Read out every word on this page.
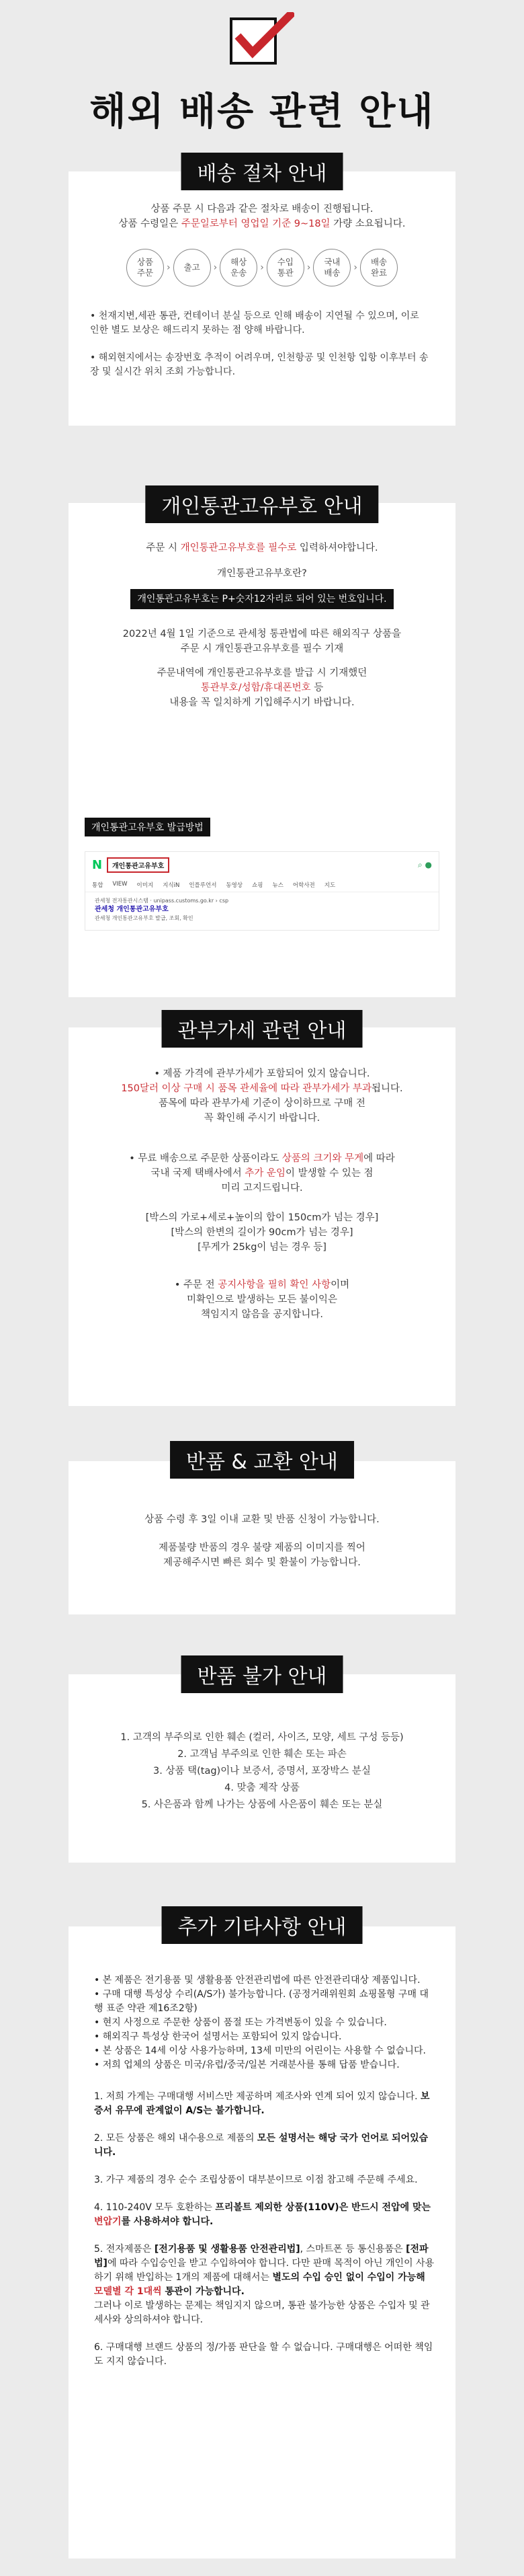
해외 배송 관련 안내
배송 절차 안내
상품 주문 시 다음과 같은 절차로 배송이 진행됩니다.
상품 수령일은 주문일로부터 영업일 기준 9~18일 가량 소요됩니다.
상품
주문	›	출고	›
해상
운송	›
수입
통관	›
국내
배송	›
배송
완료
• 천재지변,세관 통관, 컨테이너 분실 등으로 인해 배송이 지연될 수 있으며, 이로 인한 별도 보상은 해드리지 못하는 점 양해 바랍니다.
• 해외현지에서는 송장번호 추적이 어려우며, 인천항공 및 인천항 입항 이후부터 송장 및 실시간 위치 조회 가능합니다.
개인통관고유부호 안내
주문 시 개인통관고유부호를 필수로 입력하셔야합니다.
개인통관고유부호란?
개인통관고유부호는 P+숫자12자리로 되어 있는 번호입니다.
2022년 4월 1일 기준으로 관세청 통관법에 따른 해외직구 상품을
주문 시 개인통관고유부호를 필수 기재
주문내역에 개인통관고유부호를 발급 시 기재했던
통관부호/성함/휴대폰번호 등
내용을 꼭 일치하게 기입해주시기 바랍니다.
개인통관고유부호 발급방법
N	개인통관고유부호	⌕ ●
통합 VIEW 이미지 지식iN 인플루언서 동영상 쇼핑 뉴스 어학사전 지도
관세청 전자통관시스템 · unipass.customs.go.kr › csp
관세청 개인통관고유부호
관세청 개인통관고유부호 발급, 조회, 확인
관부가세 관련 안내
• 제품 가격에 관부가세가 포함되어 있지 않습니다.
150달러 이상 구매 시 품목 관세율에 따라 관부가세가 부과됩니다.
품목에 따라 관부가세 기준이 상이하므로 구매 전
꼭 확인해 주시기 바랍니다.
• 무료 배송으로 주문한 상품이라도 상품의 크기와 무게에 따라
국내 국제 택배사에서 추가 운임이 발생할 수 있는 점
미리 고지드립니다.
[박스의 가로+세로+높이의 합이 150cm가 넘는 경우]
[박스의 한변의 길이가 90cm가 넘는 경우]
[무게가 25kg이 넘는 경우 등]
• 주문 전 공지사항을 필히 확인 사항이며
미확인으로 발생하는 모든 불이익은
책임지지 않음을 공지합니다.
반품 & 교환 안내
상품 수령 후 3일 이내 교환 및 반품 신청이 가능합니다.
제품불량 반품의 경우 불량 제품의 이미지를 찍어
제공해주시면 빠른 회수 및 환불이 가능합니다.
반품 불가 안내
1. 고객의 부주의로 인한 훼손 (컬러, 사이즈, 모양, 세트 구성 등등)
2. 고객님 부주의로 인한 훼손 또는 파손
3. 상품 택(tag)이나 보증서, 증명서, 포장박스 분실
4. 맞춤 제작 상품
5. 사은품과 함께 나가는 상품에 사은품이 훼손 또는 분실
추가 기타사항 안내
• 본 제품은 전기용품 및 생활용품 안전관리법에 따른 안전관리대상 제품입니다.
• 구매 대행 특성상 수리(A/S가) 불가능합니다. (공정거래위원회 쇼핑몰형 구매 대행 표준 약관 제16조2항)
• 현지 사정으로 주문한 상품이 품절 또는 가격변동이 있을 수 있습니다.
• 해외직구 특성상 한국어 설명서는 포함되어 있지 않습니다.
• 본 상품은 14세 이상 사용가능하며, 13세 미만의 어린이는 사용할 수 없습니다.
• 저희 업체의 상품은 미국/유럽/중국/일본 거래분사를 통해 답품 받습니다.
1. 저희 가게는 구매대행 서비스만 제공하며 제조사와 연계 되어 있지 않습니다. 보증서 유무에 관계없이 A/S는 불가합니다.
2. 모든 상품은 해외 내수용으로 제품의 모든 설명서는 해당 국가 언어로 되어있습니다.
3. 가구 제품의 경우 순수 조립상품이 대부분이므로 이점 참고해 주문해 주세요.
4. 110-240V 모두 호환하는 프리볼트 제외한 상품(110V)은 반드시 전압에 맞는 변압기를 사용하셔야 합니다.
5. 전자제품은 [전기용품 및 생활용품 안전관리법], 스마트폰 등 통신용품은 [전파법]에 따라 수입승인을 받고 수입하여야 합니다. 다만 판매 목적이 아닌 개인이 사용하기 위해 반입하는 1개의 제품에 대해서는 별도의 수입 승인 없이 수입이 가능해 모델별 각 1대씩 통관이 가능합니다.
그러나 이로 발생하는 문제는 책임지지 않으며, 통관 불가능한 상품은 수입자 및 관세사와 상의하셔야 합니다.
6. 구매대행 브랜드 상품의 정/가품 판단을 할 수 없습니다. 구매대행은 어떠한 책임도 지지 않습니다.
